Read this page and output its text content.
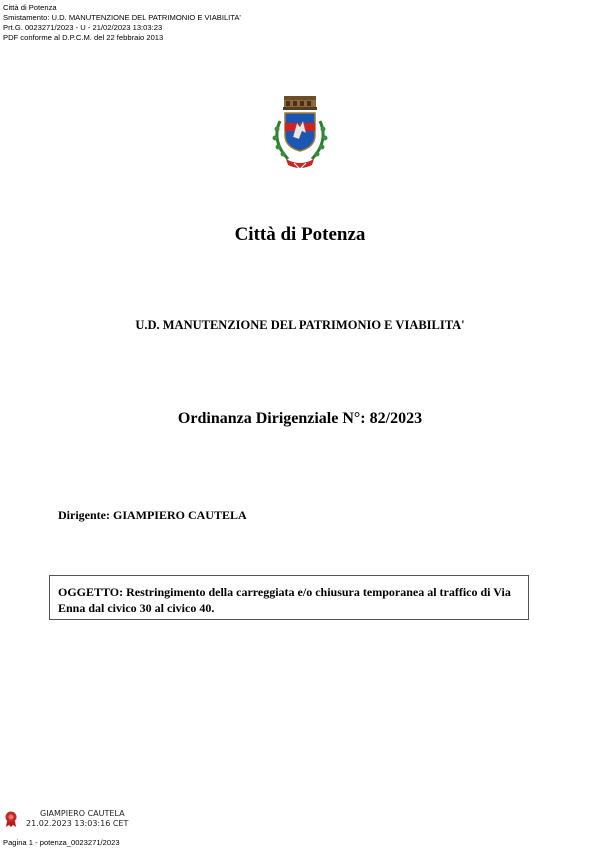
Città di Potenza
Smistamento: U.D. MANUTENZIONE DEL PATRIMONIO E VIABILITA'
Prt.G. 0023271/2023 - U - 21/02/2023 13:03:23
PDF conforme al D.P.C.M. del 22 febbraio 2013
Città di Potenza
U.D. MANUTENZIONE DEL PATRIMONIO E VIABILITA'
Ordinanza Dirigenziale N°: 82/2023
Dirigente: GIAMPIERO CAUTELA
OGGETTO: Restringimento della carreggiata e/o chiusura temporanea al traffico di Via Enna dal civico 30 al civico 40.
GIAMPIERO CAUTELA
21.02.2023 13:03:16 CET
Pagina 1 - potenza_0023271/2023
